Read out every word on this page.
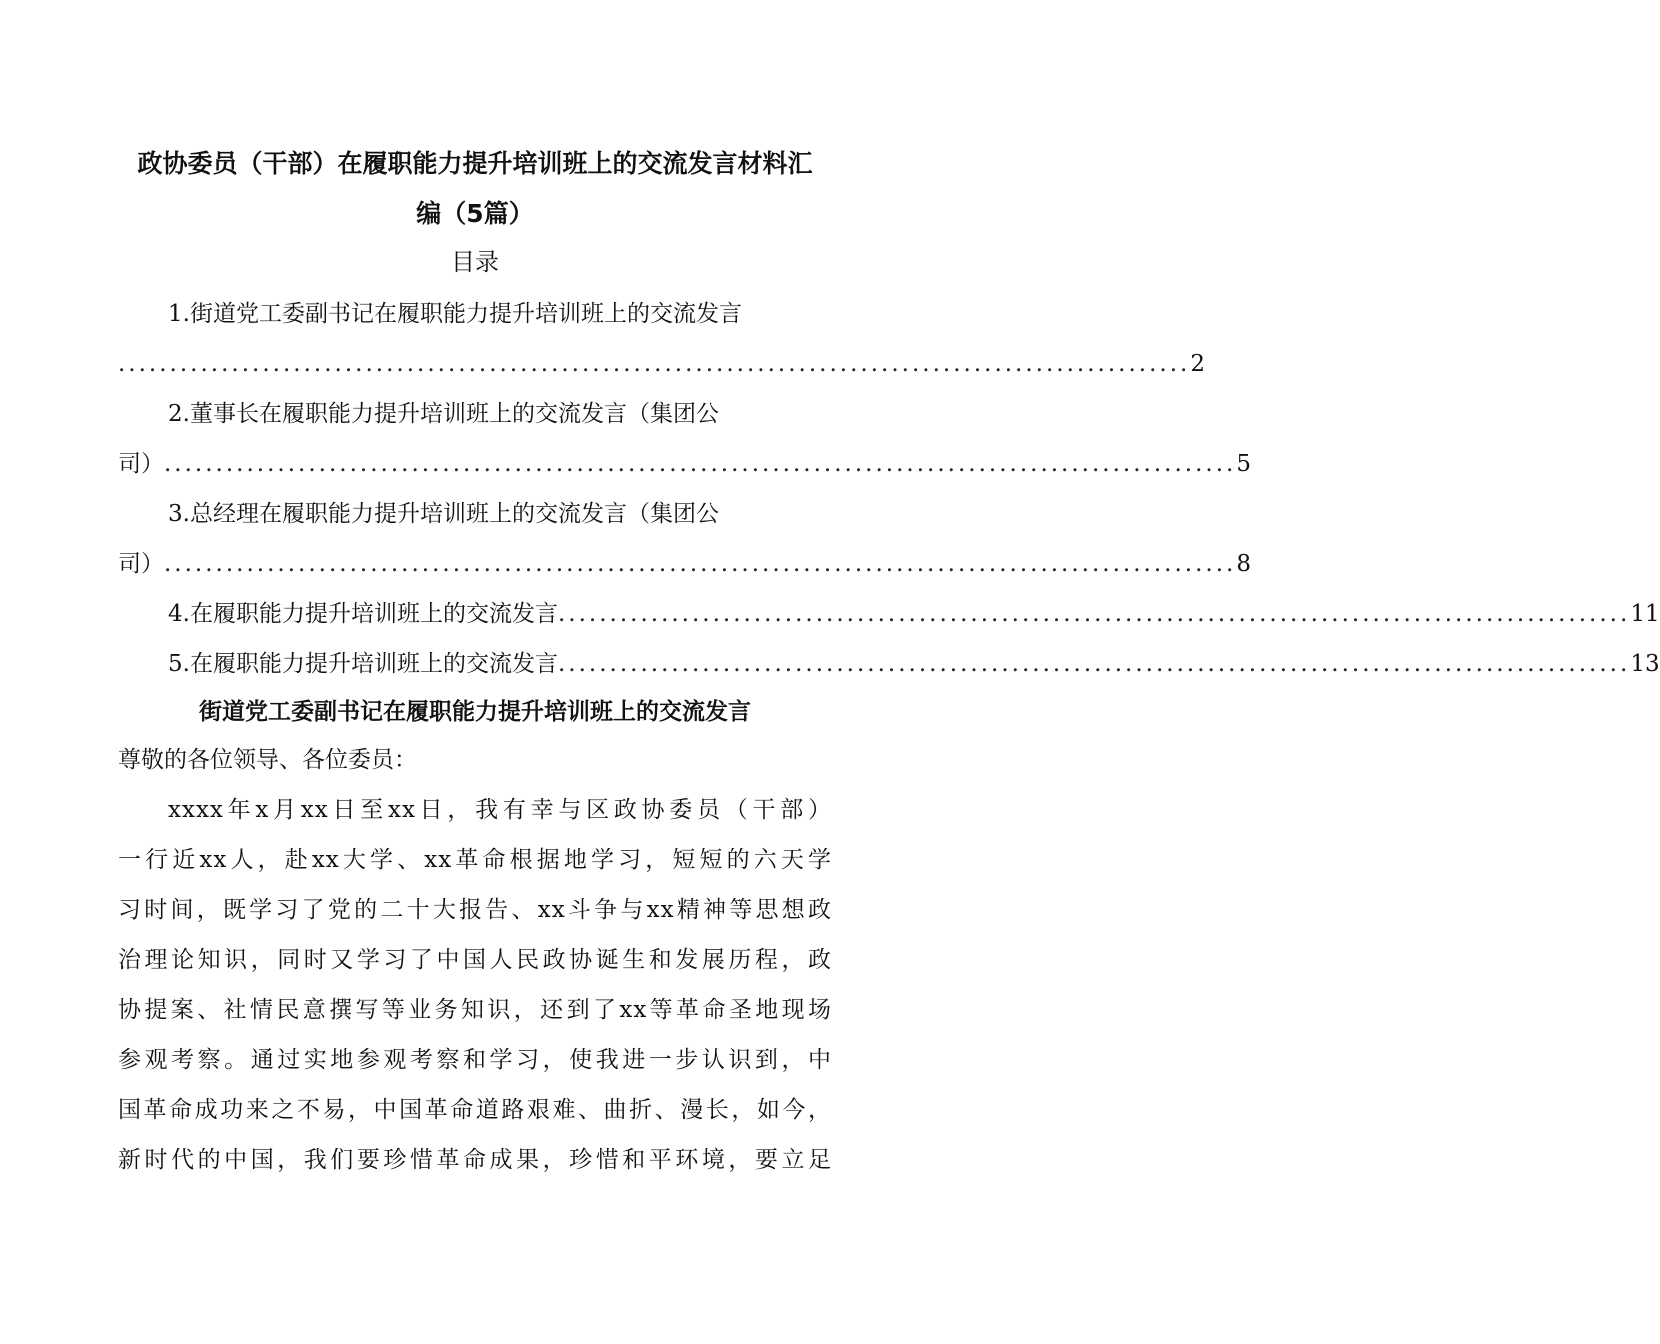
政协委员（干部）在履职能力提升培训班上的交流发言材料汇
编（5篇）
目录
1.街道党工委副书记在履职能力提升培训班上的交流发言
........................................................................................................ 2
2.董事长在履职能力提升培训班上的交流发言（集团公
司） ........................................................................................................ 5
3.总经理在履职能力提升培训班上的交流发言（集团公
司） ........................................................................................................ 8
4.在履职能力提升培训班上的交流发言 ........................................................................................................ 11
5.在履职能力提升培训班上的交流发言 ........................................................................................................ 13
街道党工委副书记在履职能力提升培训班上的交流发言
尊敬的各位领导、各位委员：
xxxx年x月xx日至xx日，我有幸与区政协委员（干部）
一行近xx人，赴xx大学、xx革命根据地学习，短短的六天学
习时间，既学习了党的二十大报告、xx斗争与xx精神等思想政
治理论知识，同时又学习了中国人民政协诞生和发展历程，政
协提案、社情民意撰写等业务知识，还到了xx等革命圣地现场
参观考察。通过实地参观考察和学习，使我进一步认识到，中
国革命成功来之不易，中国革命道路艰难、曲折、漫长，如今，
新时代的中国，我们要珍惜革命成果，珍惜和平环境，要立足
